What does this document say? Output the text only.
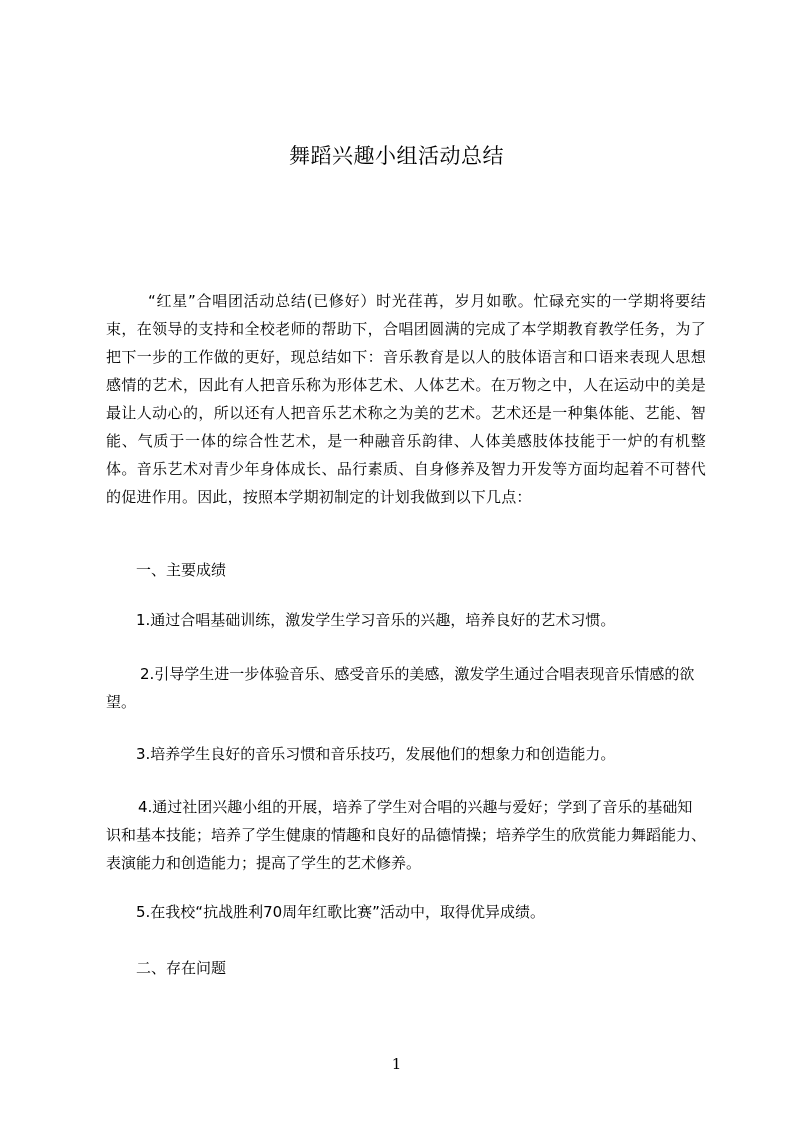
舞蹈兴趣小组活动总结

“红星”合唱团活动总结(已修好）时光荏苒，岁月如歌。忙碌充实的一学期将要结束，在领导的支持和全校老师的帮助下，合唱团圆满的完成了本学期教育教学任务，为了把下一步的工作做的更好，现总结如下：音乐教育是以人的肢体语言和口语来表现人思想感情的艺术，因此有人把音乐称为形体艺术、人体艺术。在万物之中，人在运动中的美是最让人动心的，所以还有人把音乐艺术称之为美的艺术。艺术还是一种集体能、艺能、智能、气质于一体的综合性艺术，是一种融音乐韵律、人体美感肢体技能于一炉的有机整体。音乐艺术对青少年身体成长、品行素质、自身修养及智力开发等方面均起着不可替代的促进作用。因此，按照本学期初制定的计划我做到以下几点：

一、主要成绩

1.通过合唱基础训练，激发学生学习音乐的兴趣，培养良好的艺术习惯。

2.引导学生进一步体验音乐、感受音乐的美感，激发学生通过合唱表现音乐情感的欲望。

3.培养学生良好的音乐习惯和音乐技巧，发展他们的想象力和创造能力。

4.通过社团兴趣小组的开展，培养了学生对合唱的兴趣与爱好；学到了音乐的基础知识和基本技能；培养了学生健康的情趣和良好的品德情操；培养学生的欣赏能力舞蹈能力、表演能力和创造能力；提高了学生的艺术修养。

5.在我校“抗战胜利70周年红歌比赛”活动中，取得优异成绩。

二、存在问题
1
